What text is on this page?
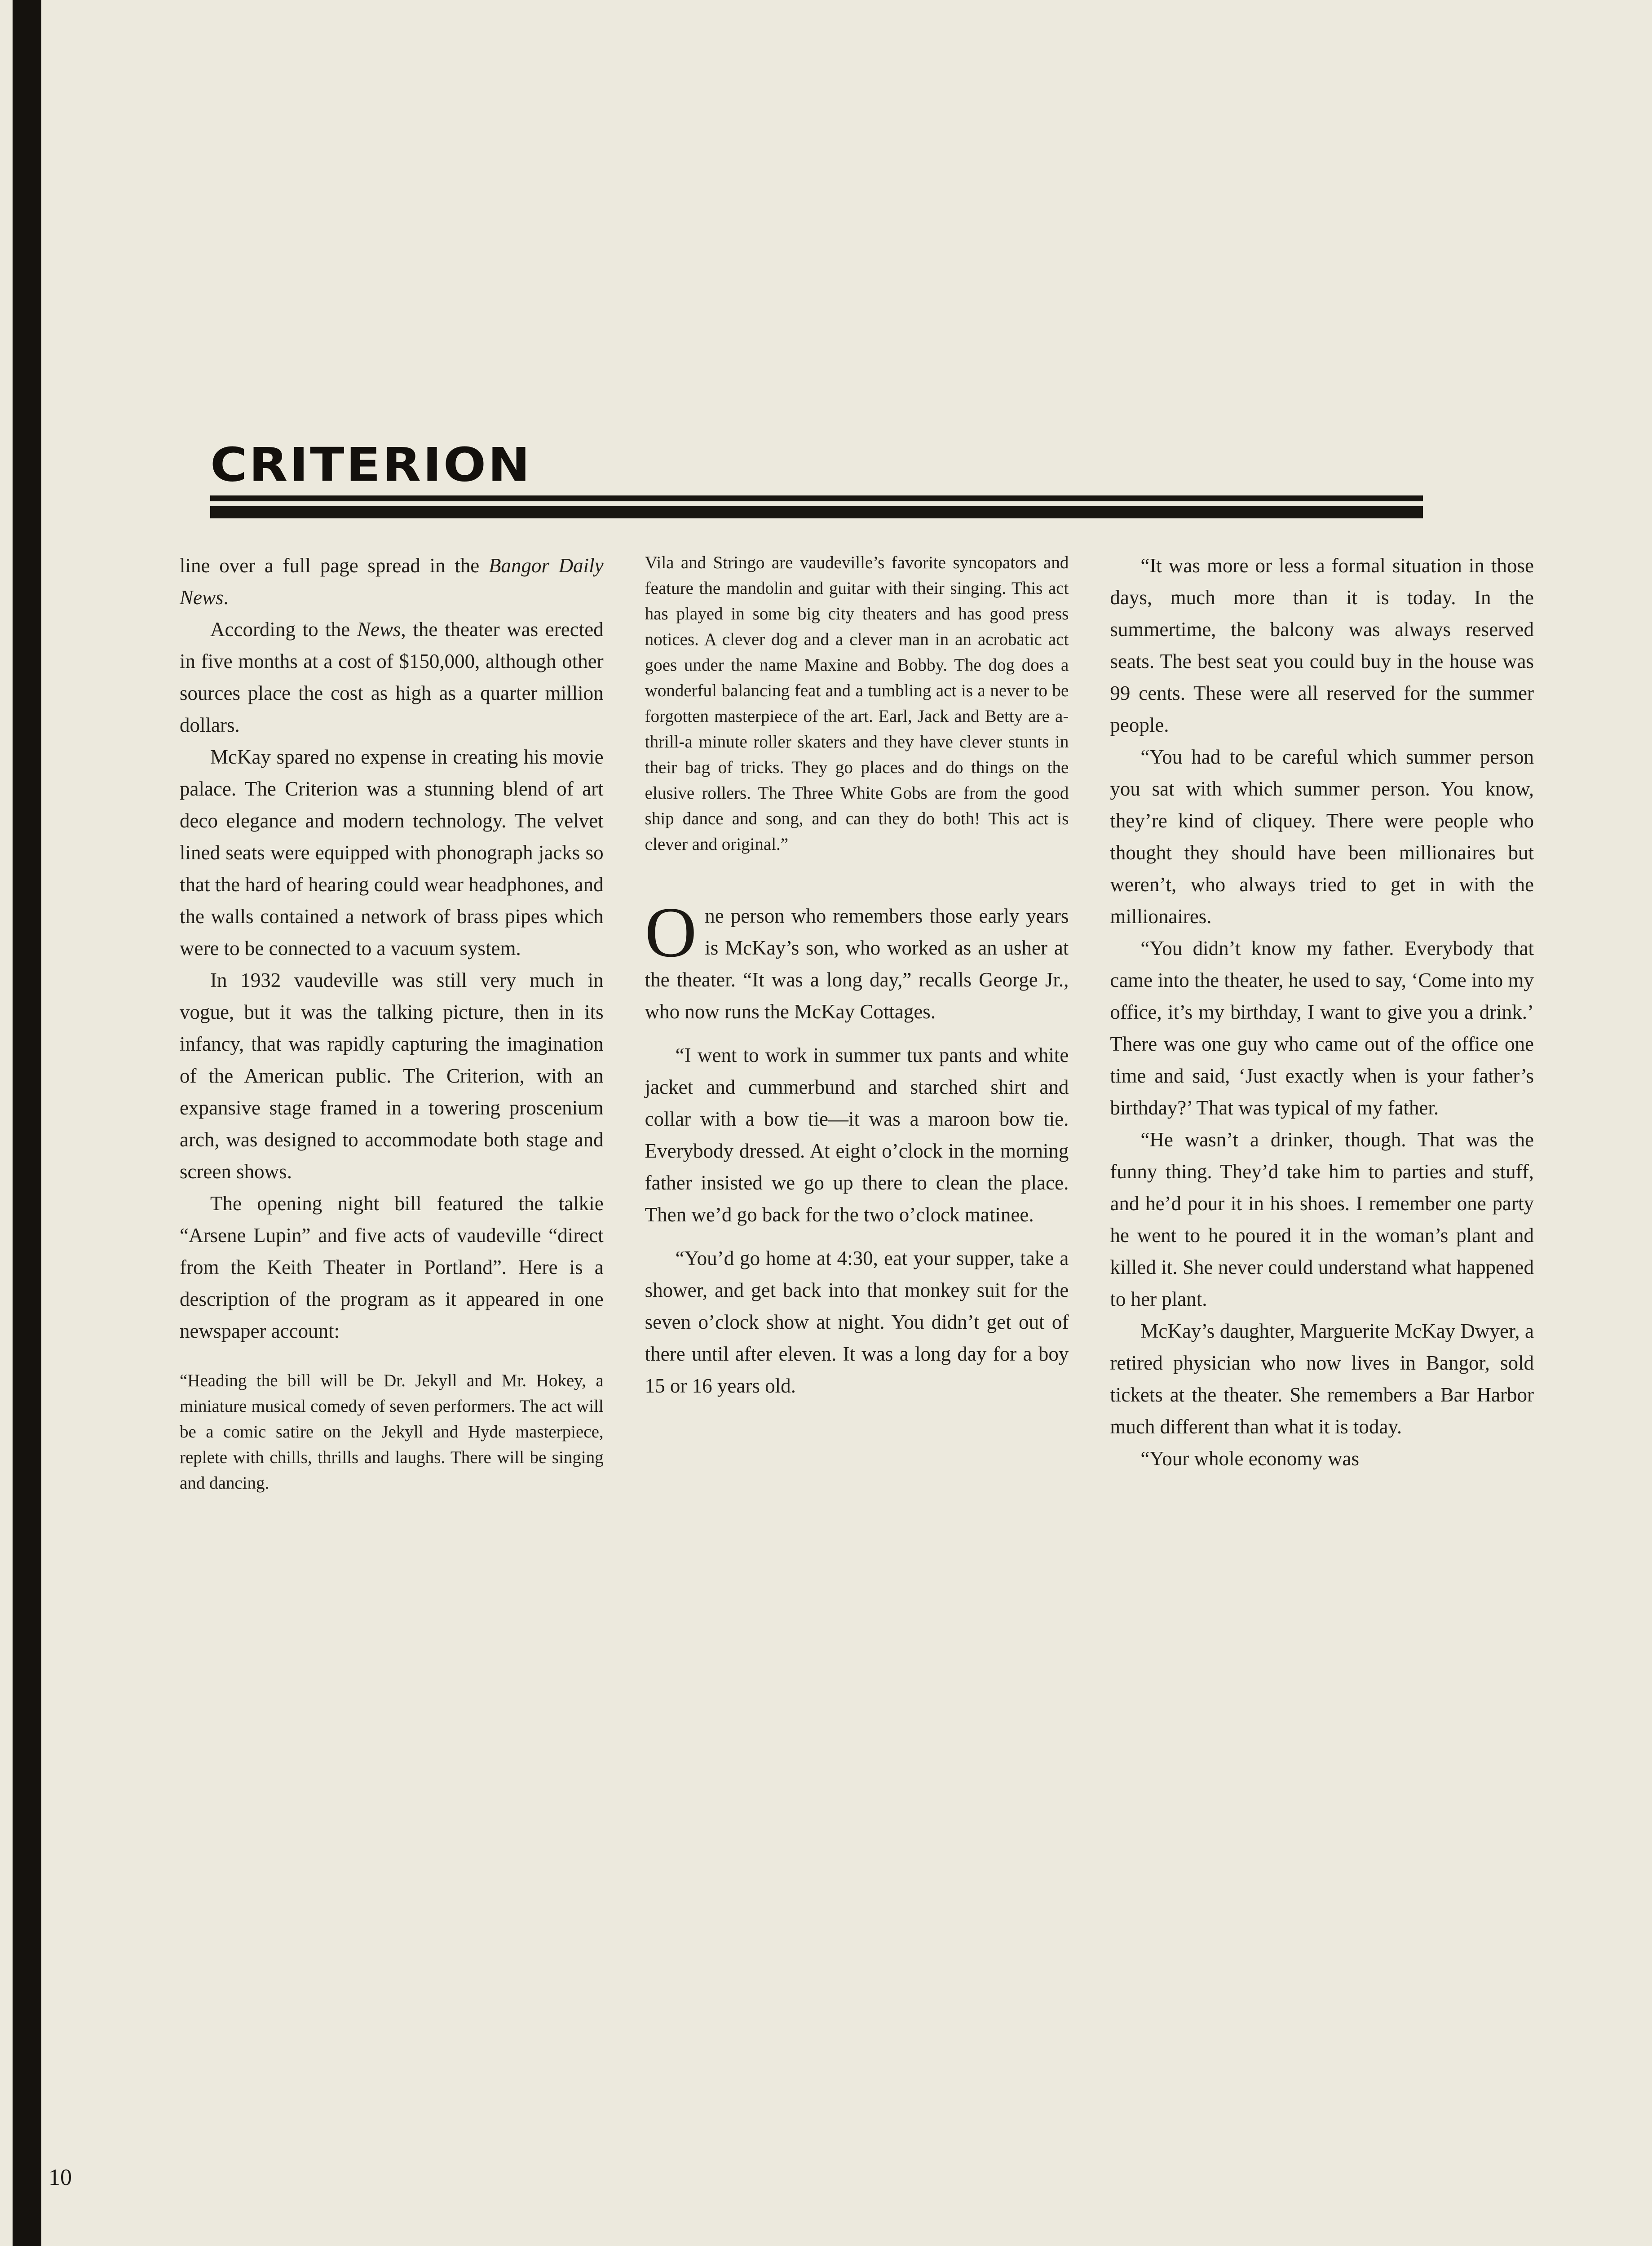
CRITERION

line over a full page spread in the Bangor Daily News.

According to the News, the theater was erected in five months at a cost of $150,000, although other sources place the cost as high as a quarter million dollars.

McKay spared no expense in creating his movie palace. The Criterion was a stunning blend of art deco elegance and modern technology. The velvet lined seats were equipped with phonograph jacks so that the hard of hearing could wear headphones, and the walls contained a network of brass pipes which were to be connected to a vacuum system.

In 1932 vaudeville was still very much in vogue, but it was the talking picture, then in its infancy, that was rapidly capturing the imagination of the American public. The Criterion, with an expansive stage framed in a towering proscenium arch, was designed to accommodate both stage and screen shows.

The opening night bill featured the talkie “Arsene Lupin” and five acts of vaudeville “direct from the Keith Theater in Portland”. Here is a description of the program as it appeared in one newspaper account:

“Heading the bill will be Dr. Jekyll and Mr. Hokey, a miniature musical comedy of seven performers. The act will be a comic satire on the Jekyll and Hyde masterpiece, replete with chills, thrills and laughs. There will be singing and dancing.

Vila and Stringo are vaudeville’s favorite syncopators and feature the mandolin and guitar with their singing. This act has played in some big city theaters and has good press notices. A clever dog and a clever man in an acrobatic act goes under the name Maxine and Bobby. The dog does a wonderful balancing feat and a tumbling act is a never to be forgotten masterpiece of the art. Earl, Jack and Betty are a-thrill-a minute roller skaters and they have clever stunts in their bag of tricks. They go places and do things on the elusive rollers. The Three White Gobs are from the good ship dance and song, and can they do both! This act is clever and original.”

One person who remembers those early years is McKay’s son, who worked as an usher at the theater. “It was a long day,” recalls George Jr., who now runs the McKay Cottages.

“I went to work in summer tux pants and white jacket and cummerbund and starched shirt and collar with a bow tie—it was a maroon bow tie. Everybody dressed. At eight o’clock in the morning father insisted we go up there to clean the place. Then we’d go back for the two o’clock matinee.

“You’d go home at 4:30, eat your supper, take a shower, and get back into that monkey suit for the seven o’clock show at night. You didn’t get out of there until after eleven. It was a long day for a boy 15 or 16 years old.

“It was more or less a formal situation in those days, much more than it is today. In the summertime, the balcony was always reserved seats. The best seat you could buy in the house was 99 cents. These were all reserved for the summer people.

“You had to be careful which summer person you sat with which summer person. You know, they’re kind of cliquey. There were people who thought they should have been millionaires but weren’t, who always tried to get in with the millionaires.

“You didn’t know my father. Everybody that came into the theater, he used to say, ‘Come into my office, it’s my birthday, I want to give you a drink.’ There was one guy who came out of the office one time and said, ‘Just exactly when is your father’s birthday?’ That was typical of my father.

“He wasn’t a drinker, though. That was the funny thing. They’d take him to parties and stuff, and he’d pour it in his shoes. I remember one party he went to he poured it in the woman’s plant and killed it. She never could understand what happened to her plant.

McKay’s daughter, Marguerite McKay Dwyer, a retired physician who now lives in Bangor, sold tickets at the theater. She remembers a Bar Harbor much different than what it is today.

“Your whole economy was

10
